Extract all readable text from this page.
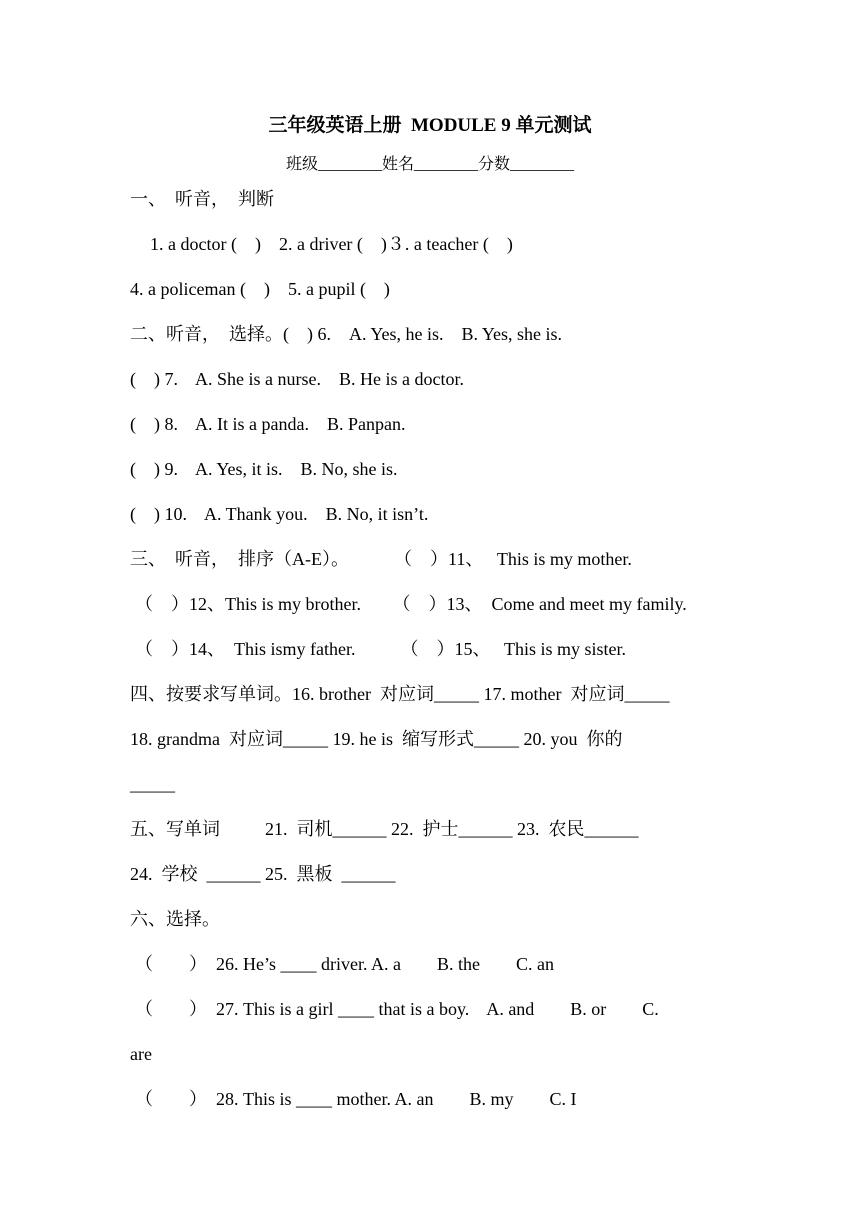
三年级英语上册  MODULE 9 单元测试
班级________姓名________分数________
一、  听音，  判断
1. a doctor (    )    2. a driver (    )３. a teacher (    )
4. a policeman (    )    5. a pupil (    )
二、听音，  选择。(    ) 6.    A. Yes, he is.    B. Yes, she is.
(    ) 7.    A. She is a nurse.    B. He is a doctor.
(    ) 8.    A. It is a panda.    B. Panpan.
(    ) 9.    A. Yes, it is.    B. No, she is.
(    ) 10.    A. Thank you.    B. No, it isn’t.
三、  听音，  排序（A-E）。          （    ）11、   This is my mother.
（    ）12、This is my brother.       （    ）13、  Come and meet my family.
（    ）14、  This ismy father.          （    ）15、   This is my sister.
四、按要求写单词。16. brother  对应词_____ 17. mother  对应词_____
18. grandma  对应词_____ 19. he is  缩写形式_____ 20. you  你的
_____
五、写单词          21.  司机______ 22.  护士______ 23.  农民______
24.  学校  ______ 25.  黑板  ______
六、选择。
（        ）  26. He’s ____ driver. A. a        B. the        C. an
（        ）  27. This is a girl ____ that is a boy.    A. and        B. or        C.
are
（        ）  28. This is ____ mother. A. an        B. my        C. I
